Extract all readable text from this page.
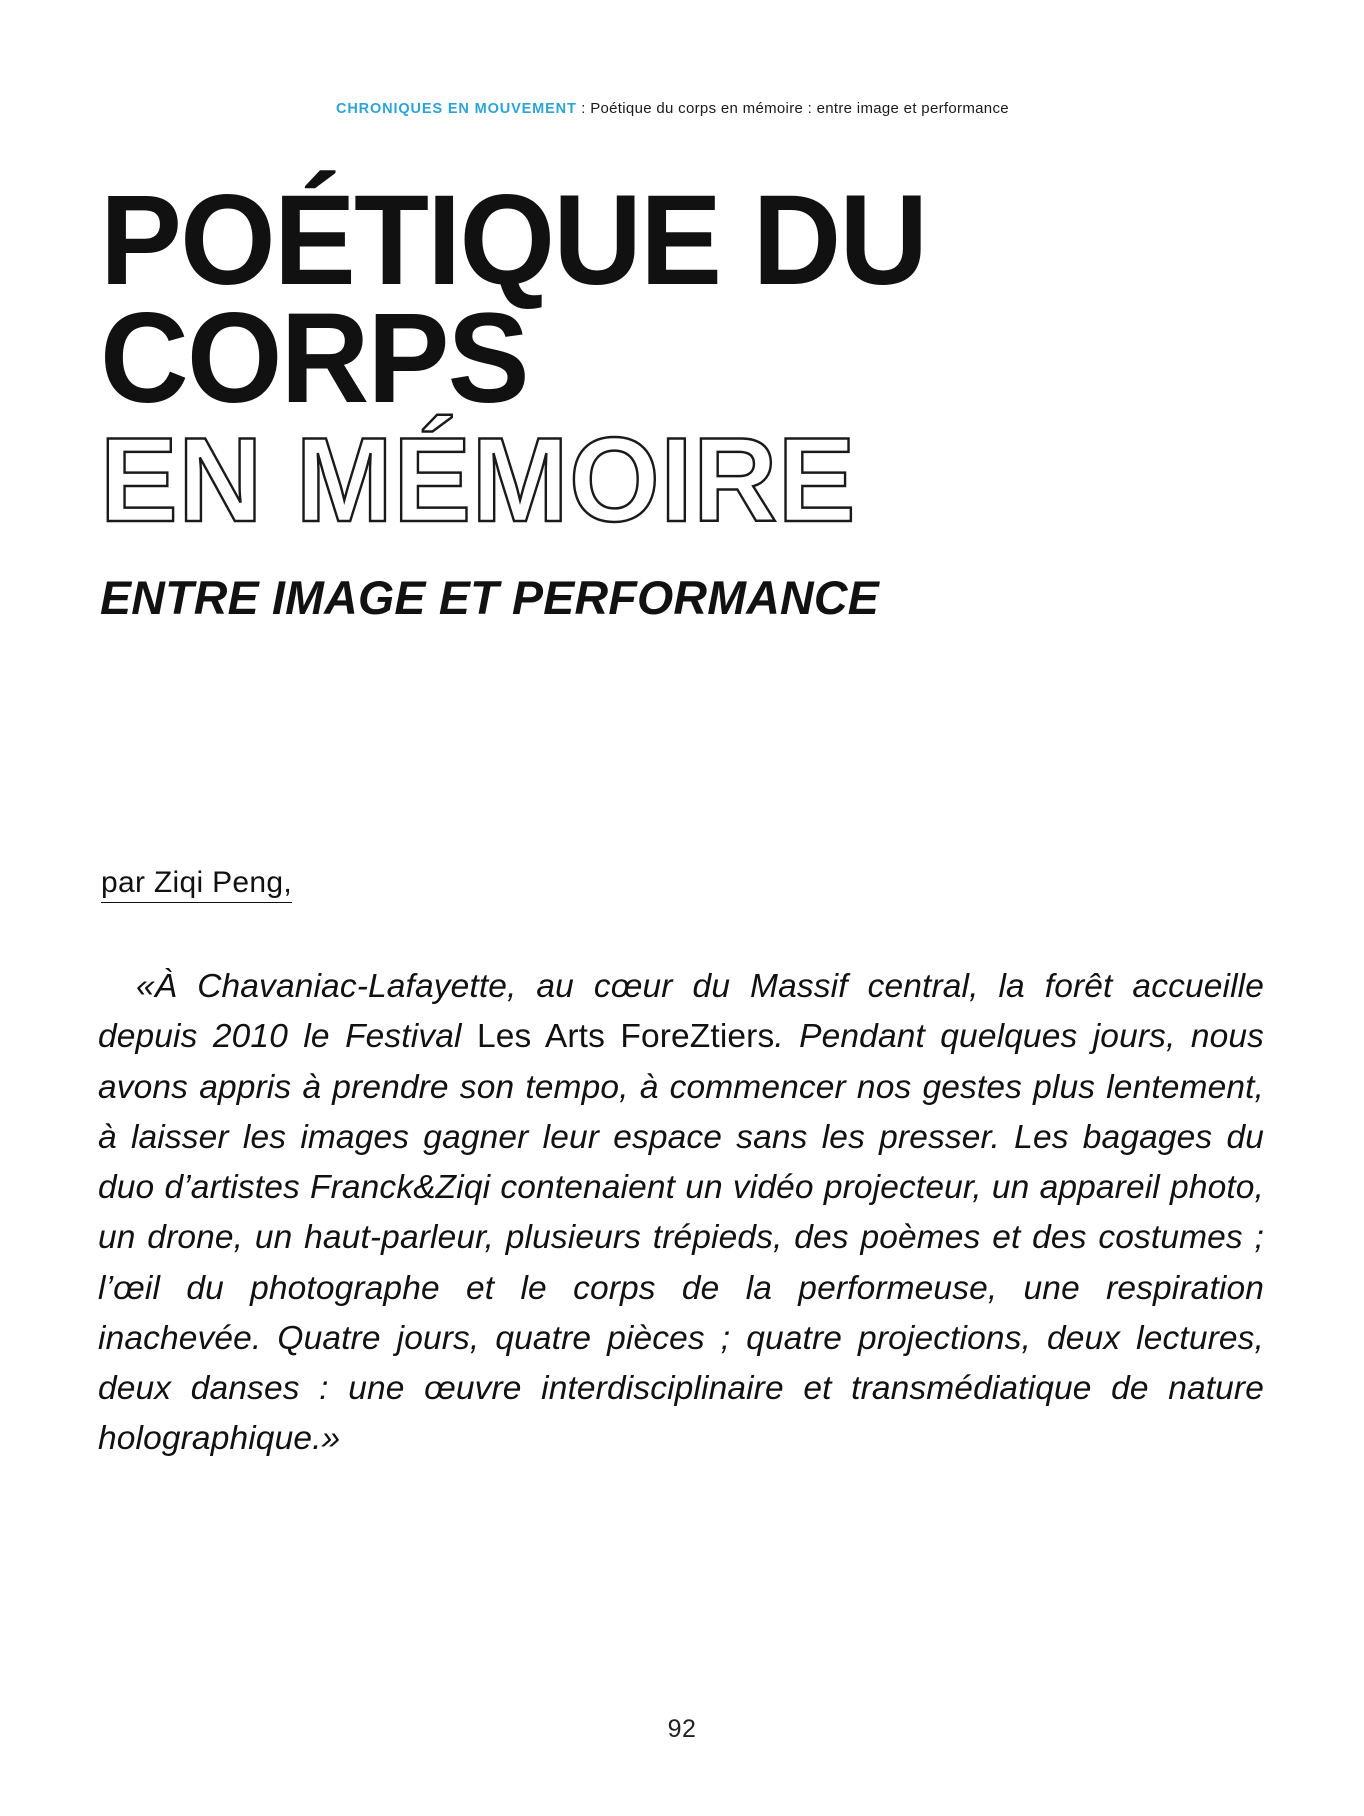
CHRONIQUES EN MOUVEMENT : Poétique du corps en mémoire : entre image et performance
POÉTIQUE DU
CORPS
EN MÉMOIRE
ENTRE IMAGE ET PERFORMANCE
par Ziqi Peng,
«À Chavaniac-Lafayette, au cœur du Massif central, la forêt accueille depuis 2010 le Festival Les Arts ForeZtiers. Pendant quelques jours, nous avons appris à prendre son tempo, à commencer nos gestes plus lentement, à laisser les images gagner leur espace sans les presser. Les bagages du duo d’artistes Franck&Ziqi contenaient un vidéo projecteur, un appareil photo, un drone, un haut-parleur, plusieurs trépieds, des poèmes et des costumes ; l’œil du photographe et le corps de la performeuse, une respiration inachevée. Quatre jours, quatre pièces ; quatre projections, deux lectures, deux danses : une œuvre interdisciplinaire et transmédiatique de nature holographique.»
92
